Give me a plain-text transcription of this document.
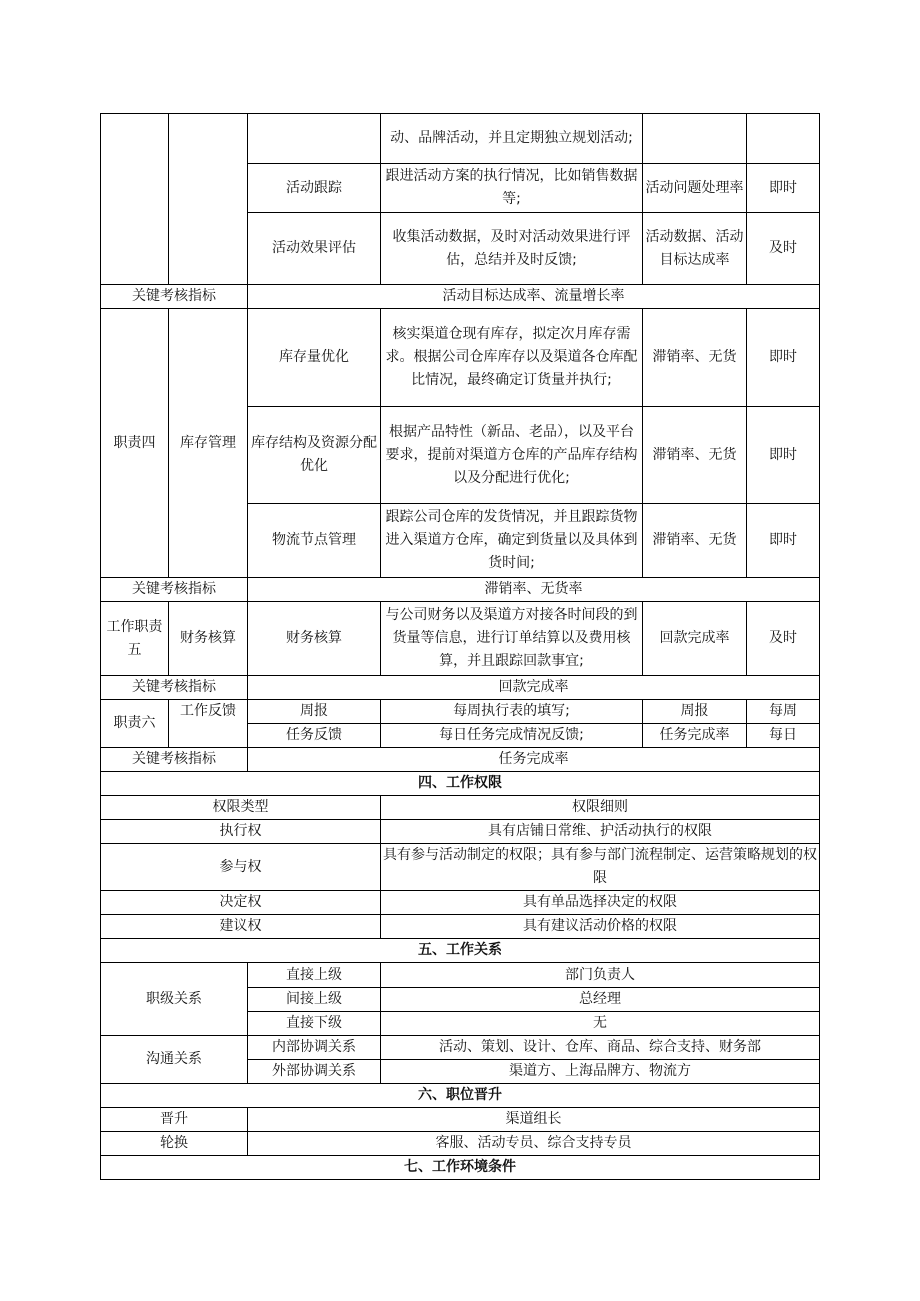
			动、品牌活动，并且定期独立规划活动;		
		活动跟踪	跟进活动方案的执行情况，比如销售数据等;	活动问题处理率	即时
		活动效果评估	收集活动数据，及时对活动效果进行评估，总结并及时反馈;	活动数据、活动目标达成率	及时
关键考核指标		活动目标达成率、流量增长率			
职责四	库存管理	库存量优化	核实渠道仓现有库存，拟定次月库存需求。根据公司仓库库存以及渠道各仓库配比情况，最终确定订货量并执行;	滞销率、无货	即时
		库存结构及资源分配优化	根据产品特性（新品、老品），以及平台要求，提前对渠道方仓库的产品库存结构以及分配进行优化;	滞销率、无货	即时
		物流节点管理	跟踪公司仓库的发货情况，并且跟踪货物进入渠道方仓库，确定到货量以及具体到货时间;	滞销率、无货	即时
关键考核指标		滞销率、无货率			
工作职责五	财务核算	财务核算	与公司财务以及渠道方对接各时间段的到货量等信息，进行订单结算以及费用核算，并且跟踪回款事宜;	回款完成率	及时
关键考核指标		回款完成率			
职责六	工作反馈	周报	每周执行表的填写;	周报	每周
		任务反馈	每日任务完成情况反馈;	任务完成率	每日
关键考核指标		任务完成率			
四、工作权限					
权限类型			权限细则		
执行权			具有店铺日常维、护活动执行的权限		
参与权			具有参与活动制定的权限；具有参与部门流程制定、运营策略规划的权限		
决定权			具有单品选择决定的权限		
建议权			具有建议活动价格的权限		
五、工作关系					
职级关系		直接上级	部门负责人		
		间接上级	总经理		
		直接下级	无		
沟通关系		内部协调关系	活动、策划、设计、仓库、商品、综合支持、财务部		
		外部协调关系	渠道方、上海品牌方、物流方		
六、职位晋升					
晋升		渠道组长			
轮换		客服、活动专员、综合支持专员			
七、工作环境条件					
